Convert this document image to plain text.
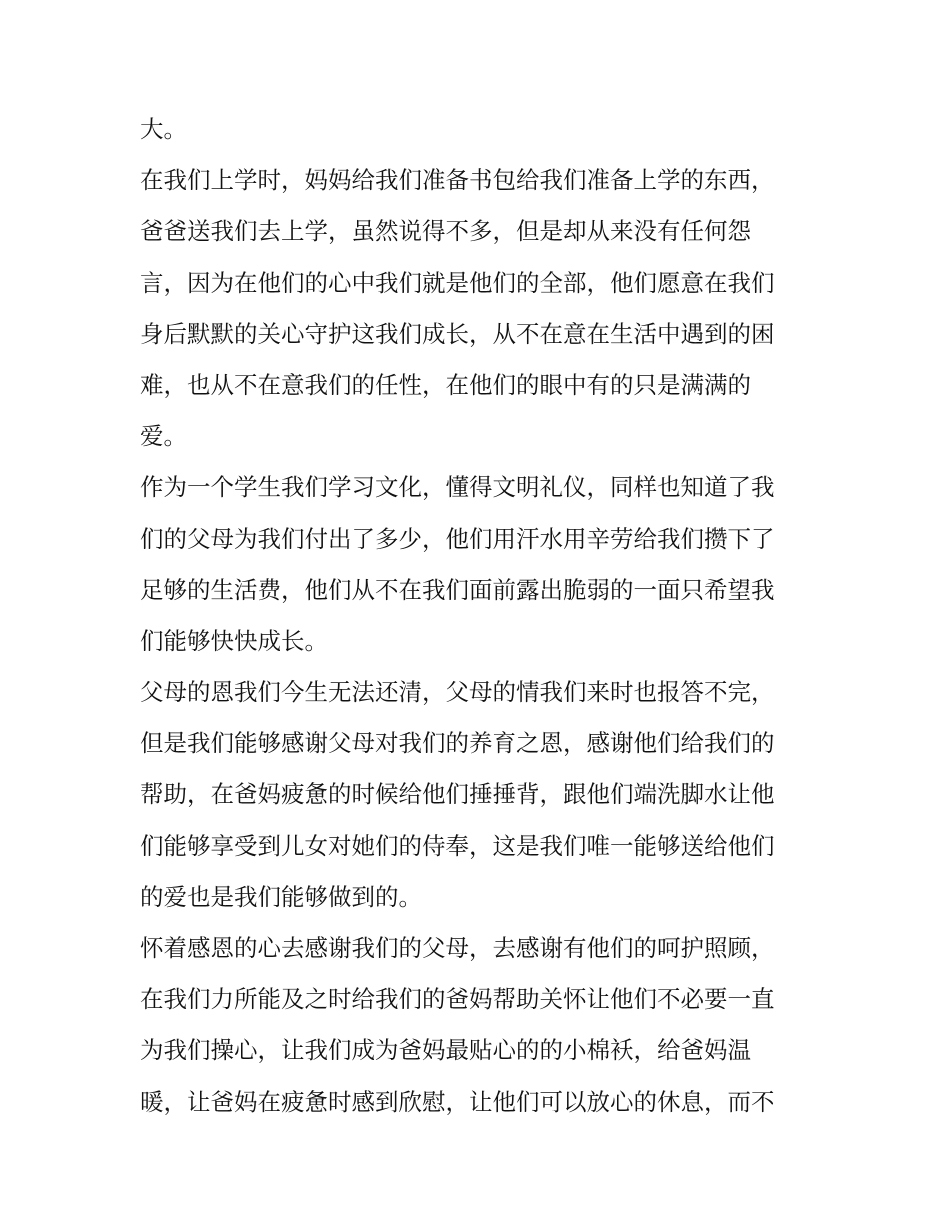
大。
在我们上学时，妈妈给我们准备书包给我们准备上学的东西，
爸爸送我们去上学，虽然说得不多，但是却从来没有任何怨
言，因为在他们的心中我们就是他们的全部，他们愿意在我们
身后默默的关心守护这我们成长，从不在意在生活中遇到的困
难，也从不在意我们的任性，在他们的眼中有的只是满满的
爱。
作为一个学生我们学习文化，懂得文明礼仪，同样也知道了我
们的父母为我们付出了多少，他们用汗水用辛劳给我们攒下了
足够的生活费，他们从不在我们面前露出脆弱的一面只希望我
们能够快快成长。
父母的恩我们今生无法还清，父母的情我们来时也报答不完，
但是我们能够感谢父母对我们的养育之恩，感谢他们给我们的
帮助，在爸妈疲惫的时候给他们捶捶背，跟他们端洗脚水让他
们能够享受到儿女对她们的侍奉，这是我们唯一能够送给他们
的爱也是我们能够做到的。
怀着感恩的心去感谢我们的父母，去感谢有他们的呵护照顾，
在我们力所能及之时给我们的爸妈帮助关怀让他们不必要一直
为我们操心，让我们成为爸妈最贴心的的小棉袄，给爸妈温
暖，让爸妈在疲惫时感到欣慰，让他们可以放心的休息，而不
